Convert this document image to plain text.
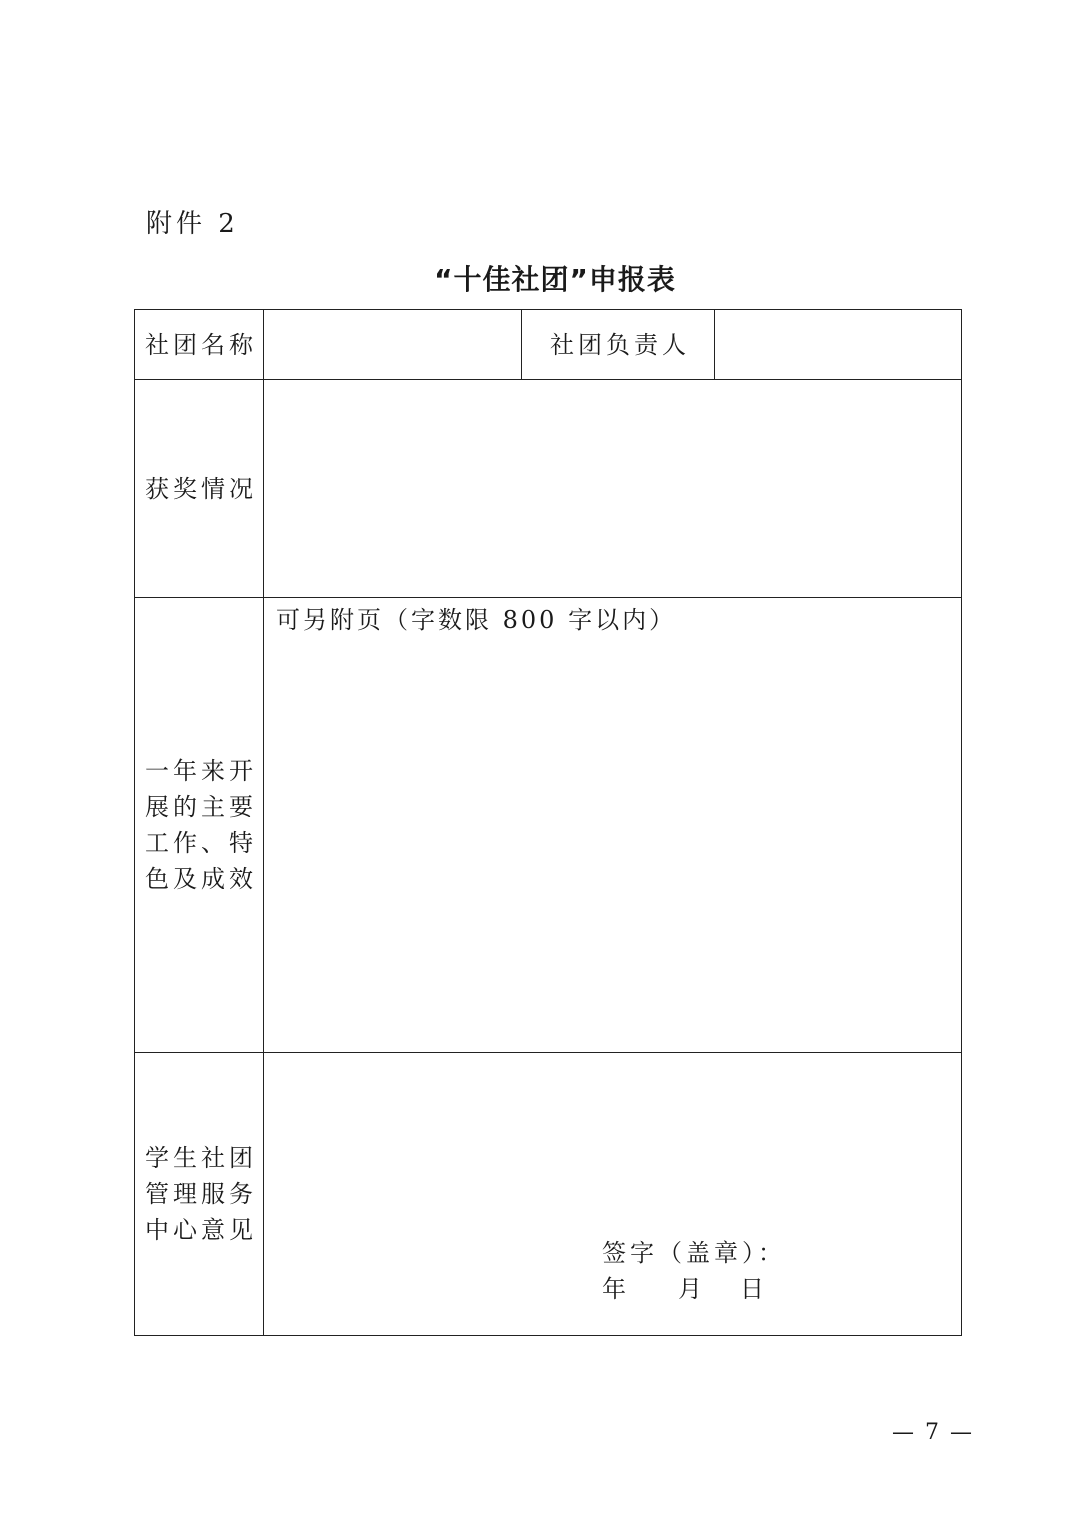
附件 2
“十佳社团”申报表
社团名称	社团负责人
获奖情况
一年来开
展的主要
工作、特
色及成效
可另附页（字数限 800 字以内）
学生社团
管理服务
中心意见
签字（盖章）：
年 月 日
— 7 —
